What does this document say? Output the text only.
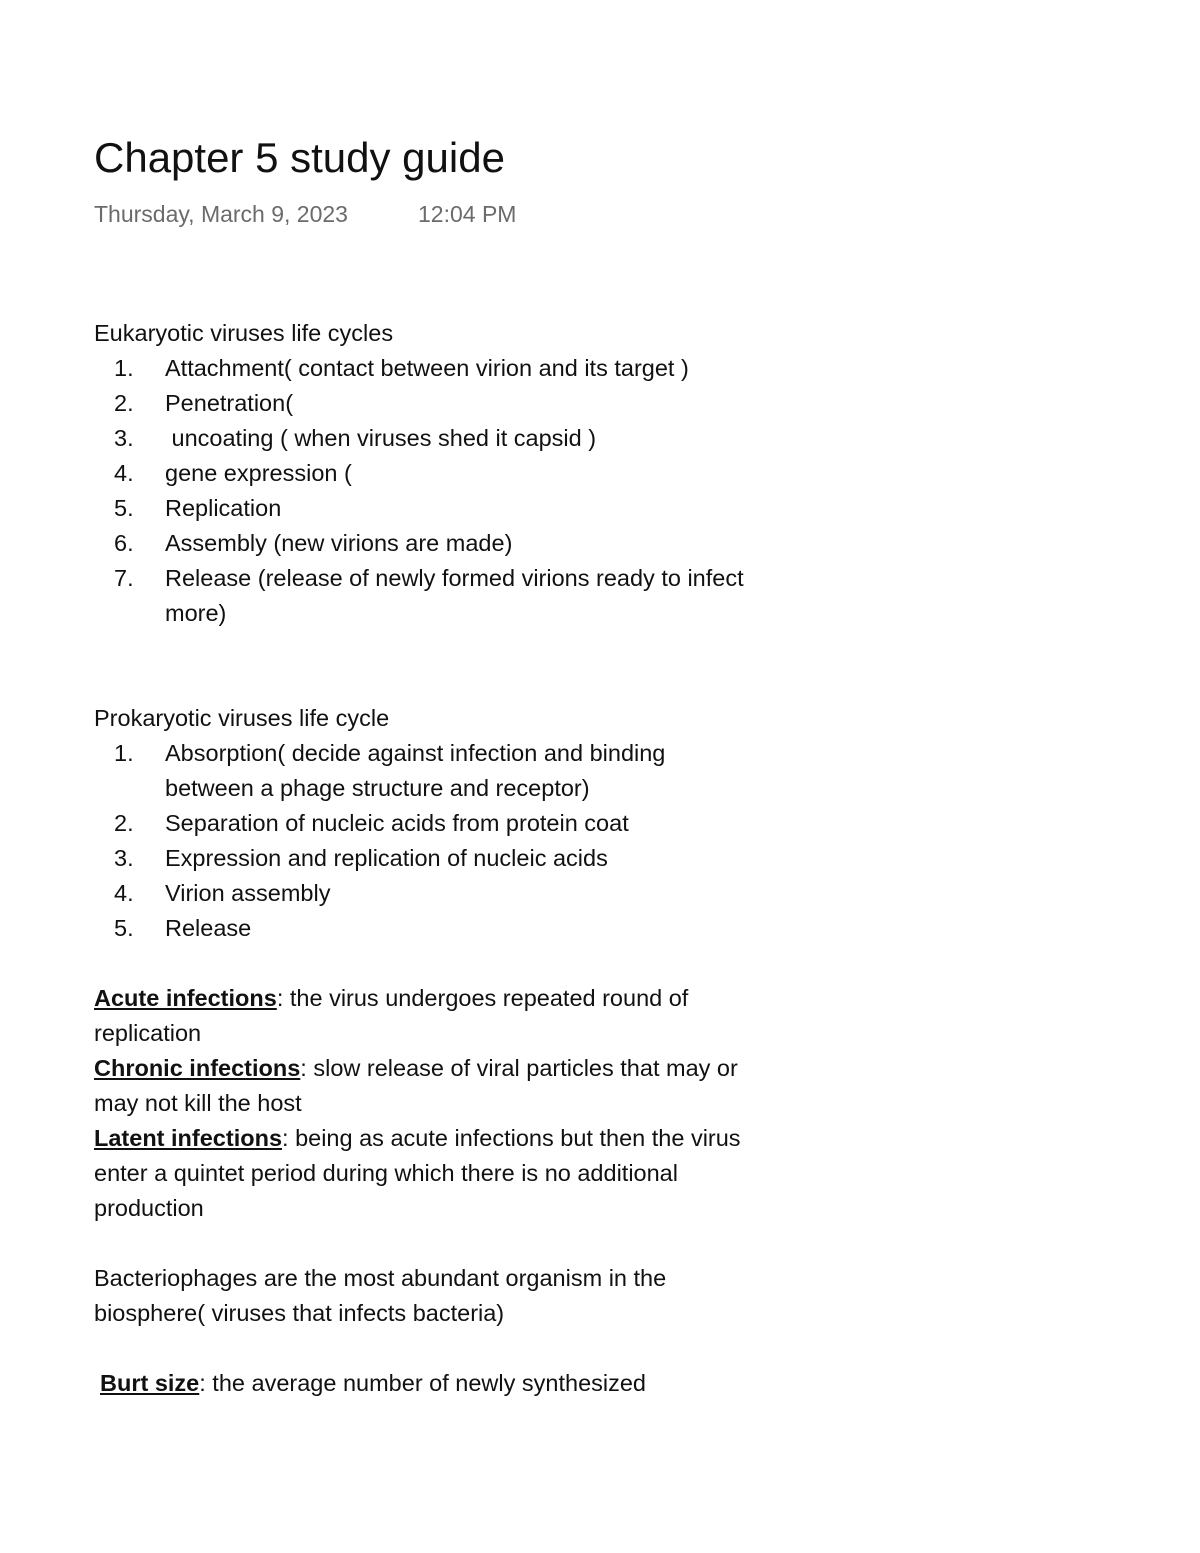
Chapter 5 study guide
Thursday, March 9, 2023	12:04 PM

Eukaryotic viruses life cycles

1. Attachment( contact between virion and its target )
2. Penetration(
3. uncoating ( when viruses shed it capsid )
4. gene expression (
5. Replication
6. Assembly (new virions are made)
7. Release (release of newly formed virions ready to infect more)

Prokaryotic viruses life cycle

1. Absorption( decide against infection and binding between a phage structure and receptor)
2. Separation of nucleic acids from protein coat
3. Expression and replication of nucleic acids
4. Virion assembly
5. Release

Acute infections: the virus undergoes repeated round of replication

Chronic infections: slow release of viral particles that may or may not kill the host

Latent infections: being as acute infections but then the virus enter a quintet period during which there is no additional production

Bacteriophages are the most abundant organism in the biosphere( viruses that infects bacteria)

Burt size: the average number of newly synthesized
